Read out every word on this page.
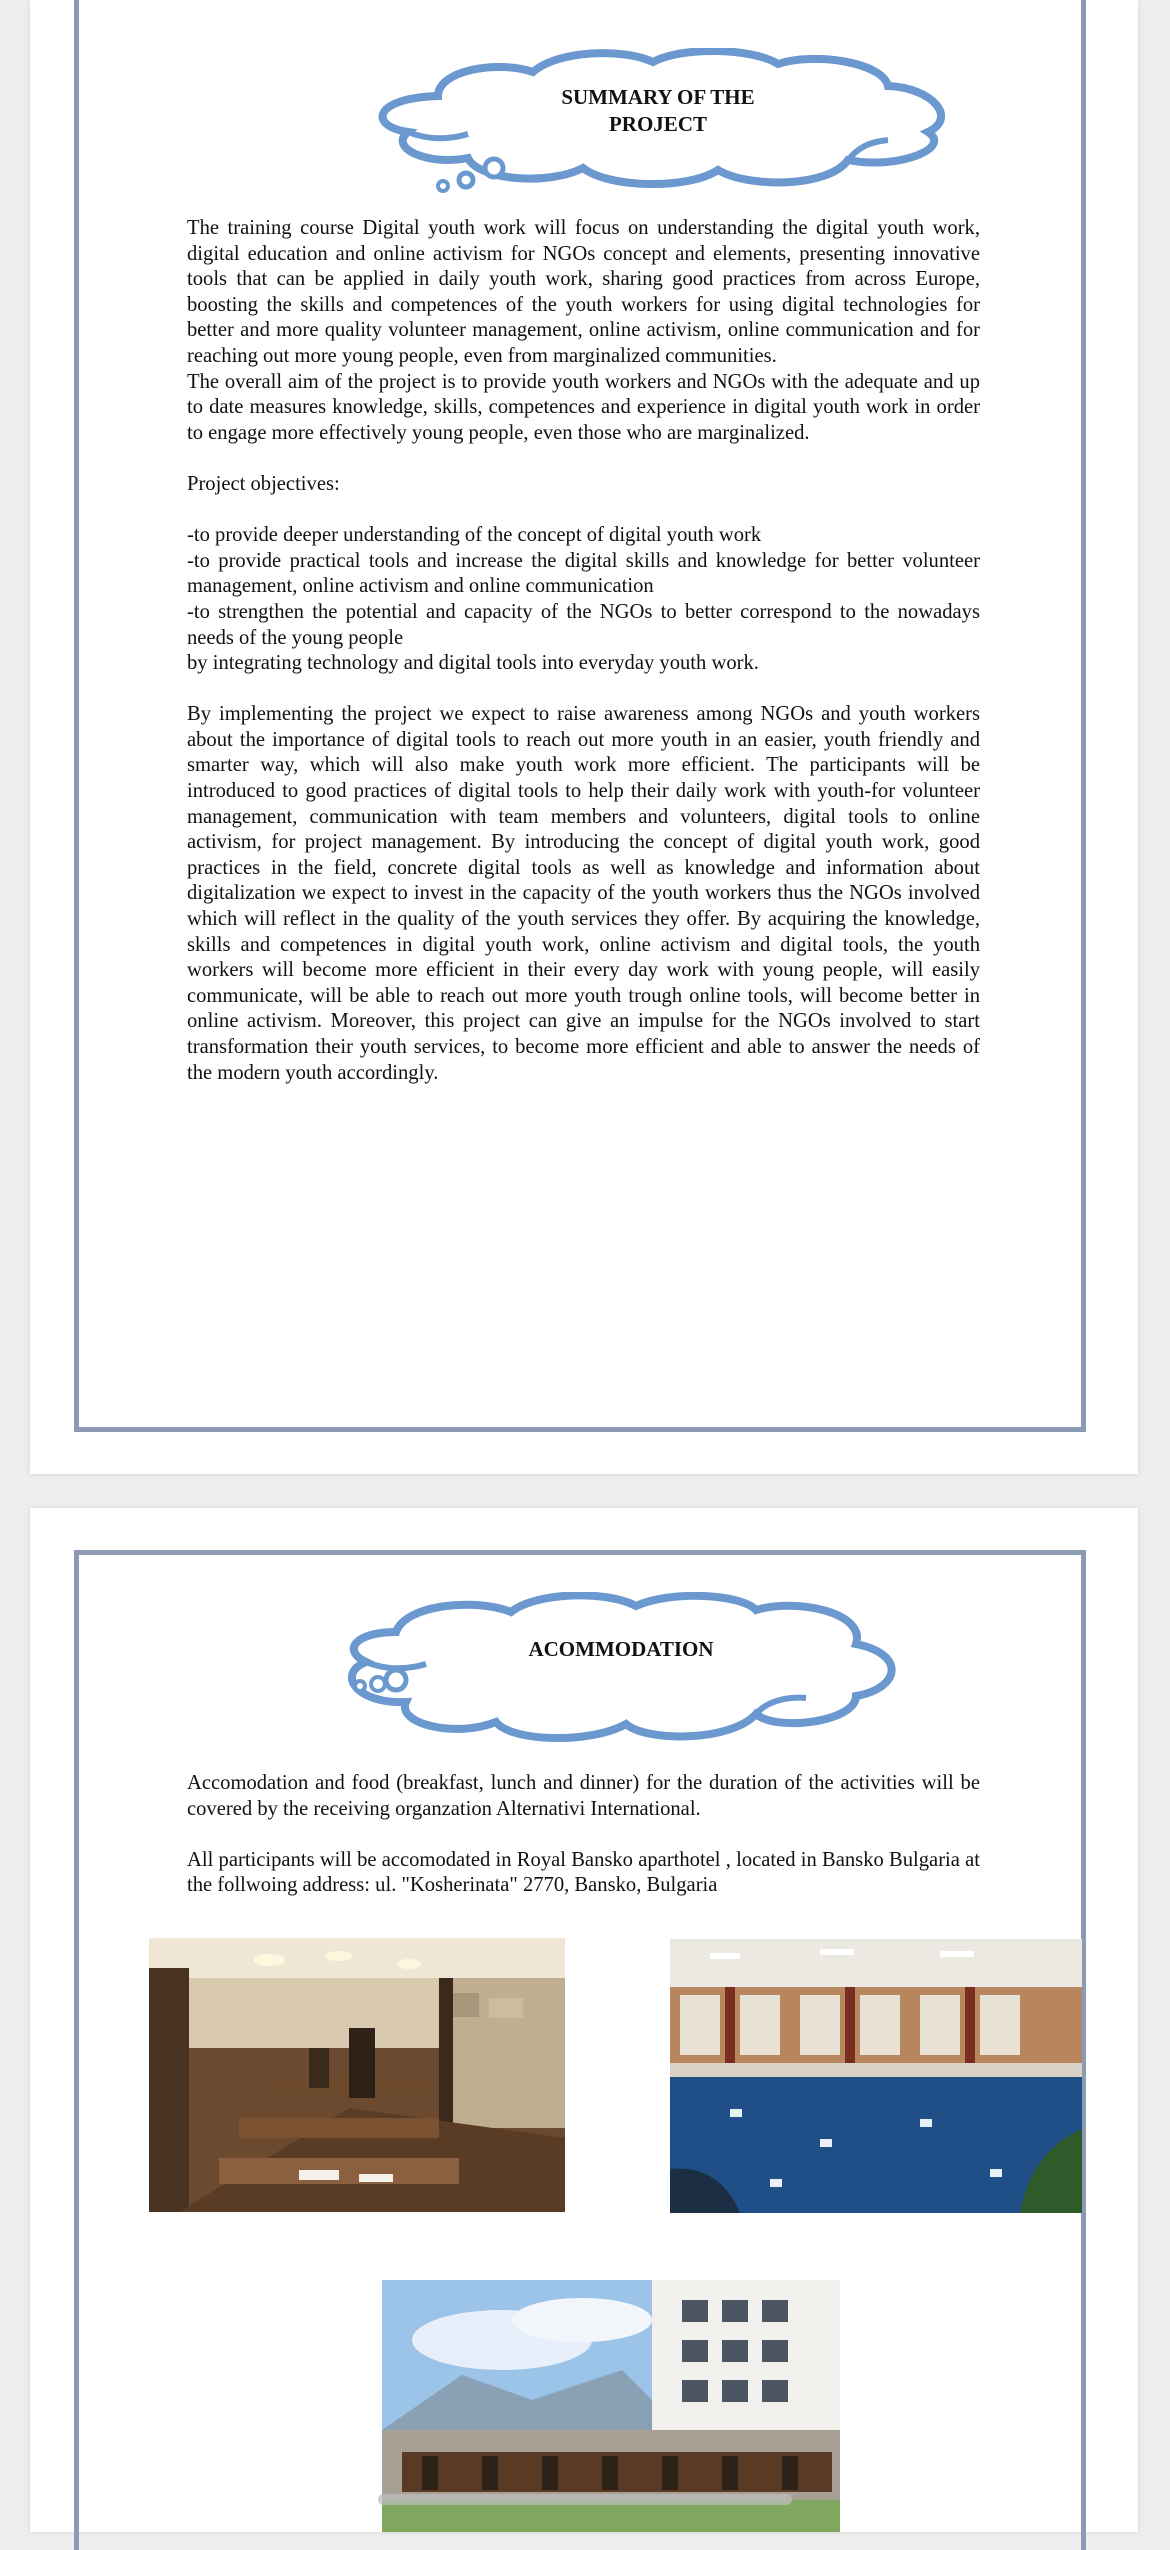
SUMMARY OF THE
PROJECT

The training course Digital youth work will focus on understanding the digital youth work, digital education and online activism for NGOs concept and elements, presenting innovative tools that can be applied in daily youth work, sharing good practices from across Europe, boosting the skills and competences of the youth workers for using digital technologies for better and more quality volunteer management, online activism, online communication and for reaching out more young people, even from marginalized communities.

The overall aim of the project is to provide youth workers and NGOs with the adequate and up to date measures knowledge, skills, competences and experience in digital youth work in order to engage more effectively young people, even those who are marginalized.

Project objectives:

-to provide deeper understanding of the concept of digital youth work

-to provide practical tools and increase the digital skills and knowledge for better volunteer management, online activism and online communication

-to strengthen the potential and capacity of the NGOs to better correspond to the nowadays needs of the young people

by integrating technology and digital tools into everyday youth work.

By implementing the project we expect to raise awareness among NGOs and youth workers about the importance of digital tools to reach out more youth in an easier, youth friendly and smarter way, which will also make youth work more efficient. The participants will be introduced to good practices of digital tools to help their daily work with youth-for volunteer management, communication with team members and volunteers, digital tools to online activism, for project management. By introducing the concept of digital youth work, good practices in the field, concrete digital tools as well as knowledge and information about digitalization we expect to invest in the capacity of the youth workers thus the NGOs involved which will reflect in the quality of the youth services they offer. By acquiring the knowledge, skills and competences in digital youth work, online activism and digital tools, the youth workers will become more efficient in their every day work with young people, will easily communicate, will be able to reach out more youth trough online tools, will become better in online activism. Moreover, this project can give an impulse for the NGOs involved to start transformation their youth services, to become more efficient and able to answer the needs of the modern youth accordingly.

ACOMMODATION

Accomodation and food (breakfast, lunch and dinner) for the duration of the activities will be covered by the receiving organzation Alternativi International.

All participants will be accomodated in Royal Bansko aparthotel , located in Bansko Bulgaria at the follwoing address: ul. "Kosherinata" 2770, Bansko, Bulgaria
